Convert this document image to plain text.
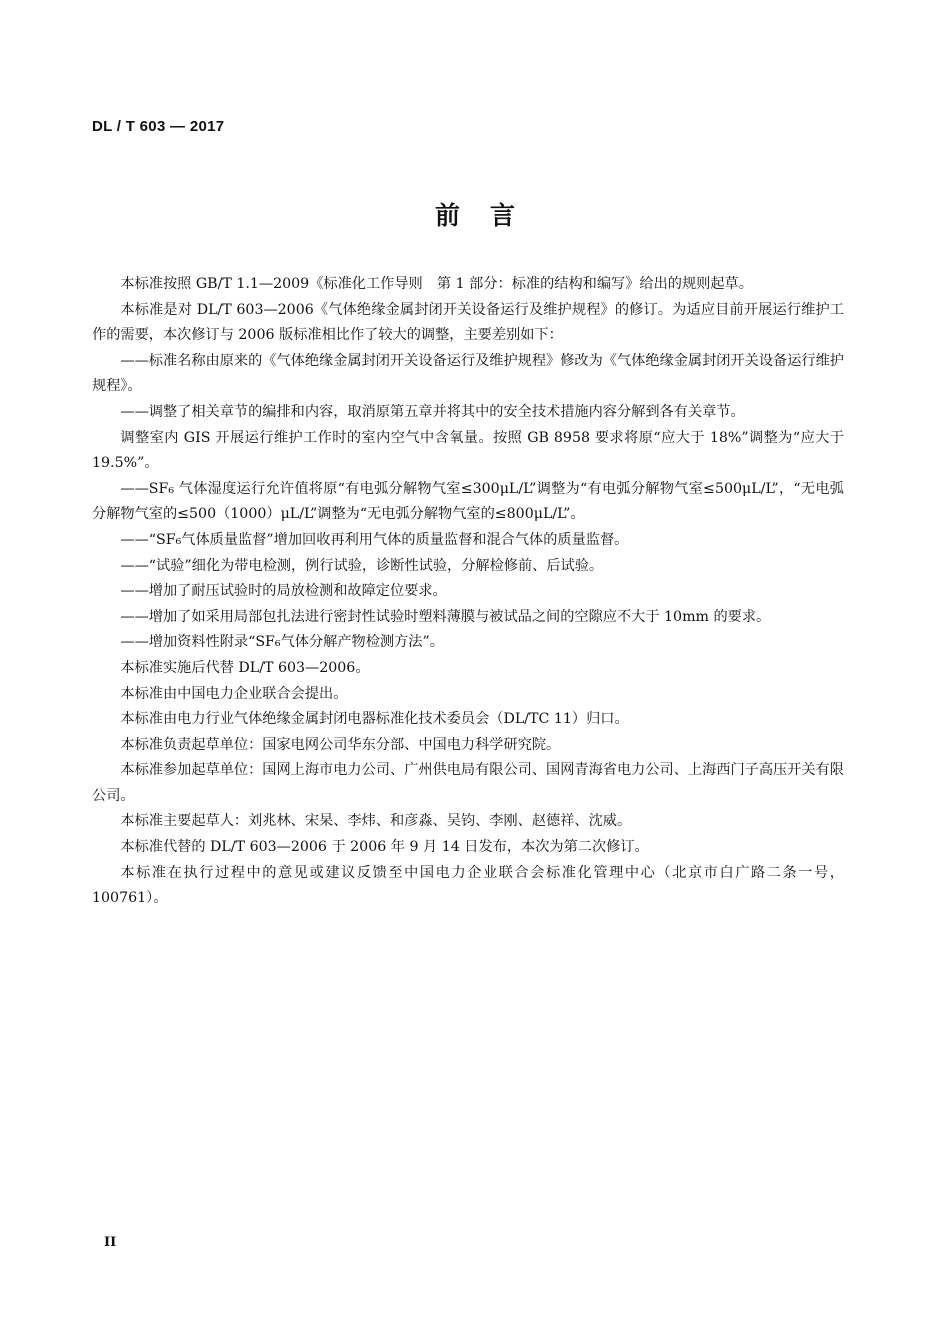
DL / T 603 — 2017
前言

本标准按照 GB/T 1.1—2009《标准化工作导则　第 1 部分：标准的结构和编写》给出的规则起草。

本标准是对 DL/T 603—2006《气体绝缘金属封闭开关设备运行及维护规程》的修订。为适应目前开展运行维护工作的需要，本次修订与 2006 版标准相比作了较大的调整，主要差别如下：

——标准名称由原来的《气体绝缘金属封闭开关设备运行及维护规程》修改为《气体绝缘金属封闭开关设备运行维护规程》。

——调整了相关章节的编排和内容，取消原第五章并将其中的安全技术措施内容分解到各有关章节。

调整室内 GIS 开展运行维护工作时的室内空气中含氧量。按照 GB 8958 要求将原“应大于 18%”调整为“应大于 19.5%”。

——SF₆ 气体湿度运行允许值将原“有电弧分解物气室≤300μL/L”调整为“有电弧分解物气室≤500μL/L”，“无电弧分解物气室的≤500（1000）μL/L”调整为“无电弧分解物气室的≤800μL/L”。

——“SF₆气体质量监督”增加回收再利用气体的质量监督和混合气体的质量监督。

——“试验”细化为带电检测，例行试验，诊断性试验，分解检修前、后试验。

——增加了耐压试验时的局放检测和故障定位要求。

——增加了如采用局部包扎法进行密封性试验时塑料薄膜与被试品之间的空隙应不大于 10mm 的要求。

——增加资料性附录“SF₆气体分解产物检测方法”。

本标准实施后代替 DL/T 603—2006。

本标准由中国电力企业联合会提出。

本标准由电力行业气体绝缘金属封闭电器标准化技术委员会（DL/TC 11）归口。

本标准负责起草单位：国家电网公司华东分部、中国电力科学研究院。

本标准参加起草单位：国网上海市电力公司、广州供电局有限公司、国网青海省电力公司、上海西门子高压开关有限公司。

本标准主要起草人：刘兆林、宋杲、李炜、和彦淼、吴钧、李刚、赵德祥、沈威。

本标准代替的 DL/T 603—2006 于 2006 年 9 月 14 日发布，本次为第二次修订。

本标准在执行过程中的意见或建议反馈至中国电力企业联合会标准化管理中心（北京市白广路二条一号，100761）。

II
